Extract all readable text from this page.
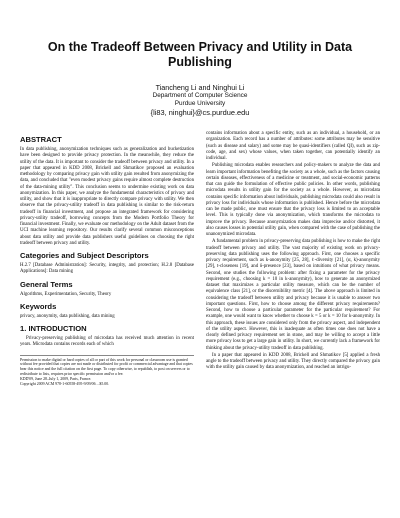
On the Tradeoff Between Privacy and Utility in Data Publishing
Tiancheng Li and Ninghui Li
Department of Computer Science
Purdue University
{li83, ninghui}@cs.purdue.edu
ABSTRACT

In data publishing, anonymization techniques such as generalization and bucketization have been designed to provide privacy protection. In the meanwhile, they reduce the utility of the data. It is important to consider the tradeoff between privacy and utility. In a paper that appeared in KDD 2008, Brickell and Shmatikov proposed an evaluation methodology by comparing privacy gain with utility gain resulted from anonymizing the data, and concluded that "even modest privacy gains require almost complete destruction of the data-mining utility". This conclusion seems to undermine existing work on data anonymization. In this paper, we analyze the fundamental characteristics of privacy and utility, and show that it is inappropriate to directly compare privacy with utility. We then observe that the privacy-utility tradeoff in data publishing is similar to the risk-return tradeoff in financial investment, and propose an integrated framework for considering privacy-utility tradeoff, borrowing concepts from the Modern Portfolio Theory for financial investment. Finally, we evaluate our methodology on the Adult dataset from the UCI machine learning repository. Our results clarify several common misconceptions about data utility and provide data publishers useful guidelines on choosing the right tradeoff between privacy and utility.

Categories and Subject Descriptors

H.2.7 [Database Administration]: Security, integrity, and protection; H.2.8 [Database Applications]: Data mining

General Terms

Algorithms, Experimentation, Security, Theory

Keywords

privacy, anonymity, data publishing, data mining

1. INTRODUCTION

Privacy-preserving publishing of microdata has received much attention in recent years. Microdata contains records each of which

Permission to make digital or hard copies of all or part of this work for personal or classroom use is granted without fee provided that copies are not made or distributed for profit or commercial advantage and that copies bear this notice and the full citation on the first page. To copy otherwise, to republish, to post on servers or to redistribute to lists, requires prior specific permission and/or a fee.
KDD'09, June 28–July 1, 2009, Paris, France.
Copyright 2009 ACM 978-1-60558-495-9/09/06 ...$5.00.

contains information about a specific entity, such as an individual, a household, or an organization. Each record has a number of attributes: some attributes may be sensitive (such as disease and salary) and some may be quasi-identifiers (called QI), such as zip-code, age, and sex) whose values, when taken together, can potentially identify an individual.

Publishing microdata enables researchers and policy-makers to analyze the data and learn important information benefiting the society as a whole, such as the factors causing certain diseases, effectiveness of a medicine or treatment, and social-economic patterns that can guide the formulation of effective public policies. In other words, publishing microdata results in utility gain for the society as a whole. However, as microdata contains specific information about individuals, publishing microdata could also result in privacy loss for individuals whose information is published. Hence before the microdata can be made public, one must ensure that the privacy loss is limited to an acceptable level. This is typically done via anonymization, which transforms the microdata to improve the privacy. Because anonymization makes data imprecise and/or distorted, it also causes losses in potential utility gain, when compared with the case of publishing the unanonymized microdata.

A fundamental problem in privacy-preserving data publishing is how to make the right tradeoff between privacy and utility. The vast majority of existing work on privacy-preserving data publishing uses the following approach. First, one chooses a specific privacy requirement, such as k-anonymity [25, 28], ℓ-diversity [21], (α, k)-anonymity [29], t-closeness [19], and δ-presence [23], based on intuitions of what privacy means. Second, one studies the following problem: after fixing a parameter for the privacy requirement (e.g., choosing k = 10 in k-anonymity), how to generate an anonymized dataset that maximizes a particular utility measure, which can be the number of equivalence class [21], or the discernibility metric [4]. The above approach is limited in considering the tradeoff between utility and privacy because it is unable to answer two important questions. First, how to choose among the different privacy requirements? Second, how to choose a particular parameter for the particular requirement? For example, one would want to know whether to choose k = 5 or k = 10 for k-anonymity. In this approach, these issues are considered only from the privacy aspect, and independent of the utility aspect. However, this is inadequate as often times one does not have a clearly defined privacy requirement set in stone, and may be willing to accept a little more privacy loss to get a large gain in utility. In short, we currently lack a framework for thinking about the privacy-utility tradeoff in data publishing.

In a paper that appeared in KDD 2008, Brickell and Shmatikov [5] applied a fresh angle to the tradeoff between privacy and utility. They directly compared the privacy gain with the utility gain caused by data anonymization, and reached an intrigu-
